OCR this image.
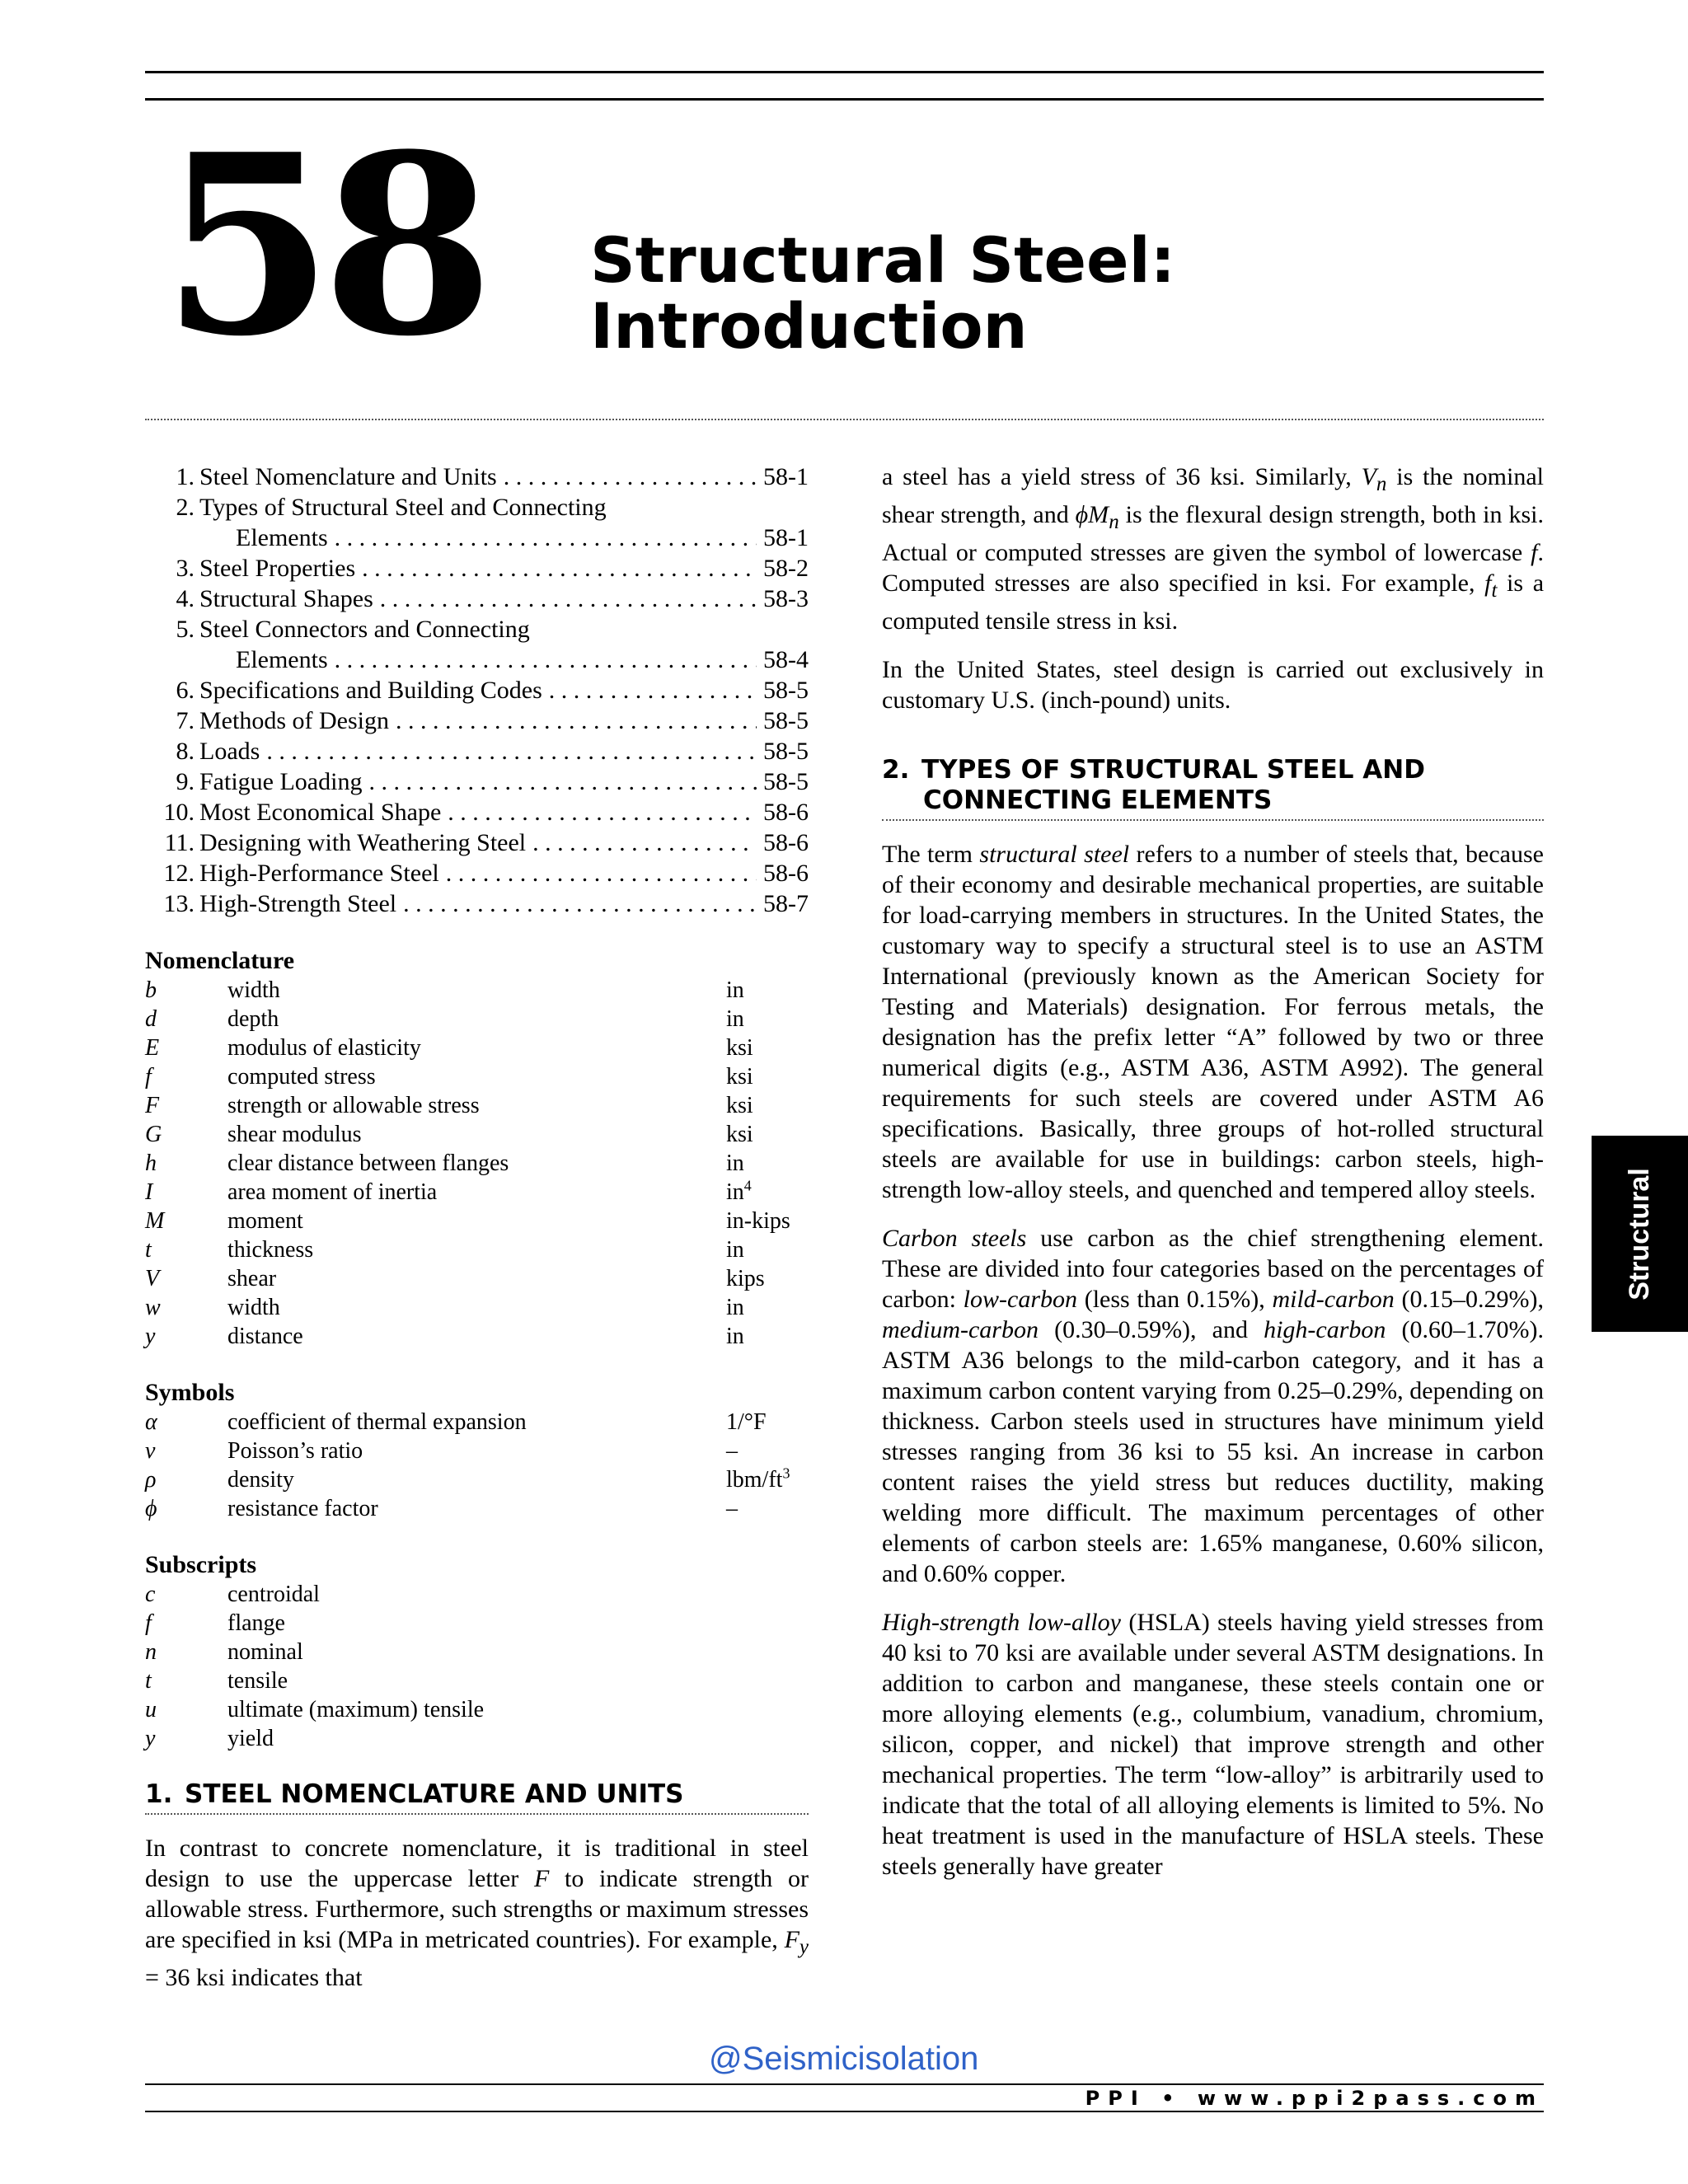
58 Structural Steel:
Introduction
1. Steel Nomenclature and Units . . .	58-1
2. Types of Structural Steel and Connecting
Elements . . .	58-1
3. Steel Properties . . .	58-2
4. Structural Shapes . . .	58-3
5. Steel Connectors and Connecting
Elements . . .	58-4
6. Specifications and Building Codes . . .	58-5
7. Methods of Design . . .	58-5
8. Loads . . .	58-5
9. Fatigue Loading . . .	58-5
10. Most Economical Shape . . .	58-6
11. Designing with Weathering Steel . . .	58-6
12. High-Performance Steel . . .	58-6
13. High-Strength Steel . . .	58-7
Nomenclature
b	width	in
d	depth	in
E	modulus of elasticity	ksi
f	computed stress	ksi
F	strength or allowable stress	ksi
G	shear modulus	ksi
h	clear distance between flanges	in
I	area moment of inertia	$in^4$
M	moment	in-kips
t	thickness	in
V	shear	kips
w	width	in
y	distance	in
Symbols
α	coefficient of thermal expansion	1/°F
ν	Poisson’s ratio	–
ρ	density	lbm/$ft^3$
ϕ	resistance factor	–
Subscripts
c	centroidal
f	flange
n	nominal
t	tensile
u	ultimate (maximum) tensile
y	yield
1. STEEL NOMENCLATURE AND UNITS

In contrast to concrete nomenclature, it is traditional in steel design to use the uppercase letter F to indicate strength or allowable stress. Furthermore, such strengths or maximum stresses are specified in ksi (MPa in metricated countries). For example, $F_y = 36$ ksi indicates that

a steel has a yield stress of 36 ksi. Similarly, $V_n$ is the nominal shear strength, and $\phi M_n$ is the flexural design strength, both in ksi. Actual or computed stresses are given the symbol of lowercase f. Computed stresses are also specified in ksi. For example, $f_t$ is a computed tensile stress in ksi.

In the United States, steel design is carried out exclusively in customary U.S. (inch-pound) units.

2. TYPES OF STRUCTURAL STEEL AND
CONNECTING ELEMENTS

The term structural steel refers to a number of steels that, because of their economy and desirable mechanical properties, are suitable for load-carrying members in structures. In the United States, the customary way to specify a structural steel is to use an ASTM International (previously known as the American Society for Testing and Materials) designation. For ferrous metals, the designation has the prefix letter “A” followed by two or three numerical digits (e.g., ASTM A36, ASTM A992). The general requirements for such steels are covered under ASTM A6 specifications. Basically, three groups of hot-rolled structural steels are available for use in buildings: carbon steels, high-strength low-alloy steels, and quenched and tempered alloy steels.

Carbon steels use carbon as the chief strengthening element. These are divided into four categories based on the percentages of carbon: low-carbon (less than 0.15%), mild-carbon (0.15–0.29%), medium-carbon (0.30–0.59%), and high-carbon (0.60–1.70%). ASTM A36 belongs to the mild-carbon category, and it has a maximum carbon content varying from 0.25–0.29%, depending on thickness. Carbon steels used in structures have minimum yield stresses ranging from 36 ksi to 55 ksi. An increase in carbon content raises the yield stress but reduces ductility, making welding more difficult. The maximum percentages of other elements of carbon steels are: 1.65% manganese, 0.60% silicon, and 0.60% copper.

High-strength low-alloy (HSLA) steels having yield stresses from 40 ksi to 70 ksi are available under several ASTM designations. In addition to carbon and manganese, these steels contain one or more alloying elements (e.g., columbium, vanadium, chromium, silicon, copper, and nickel) that improve strength and other mechanical properties. The term “low-alloy” is arbitrarily used to indicate that the total of all alloying elements is limited to 5%. No heat treatment is used in the manufacture of HSLA steels. These steels generally have greater

Structural
@Seismicisolation
PPI • www.ppi2pass.com
